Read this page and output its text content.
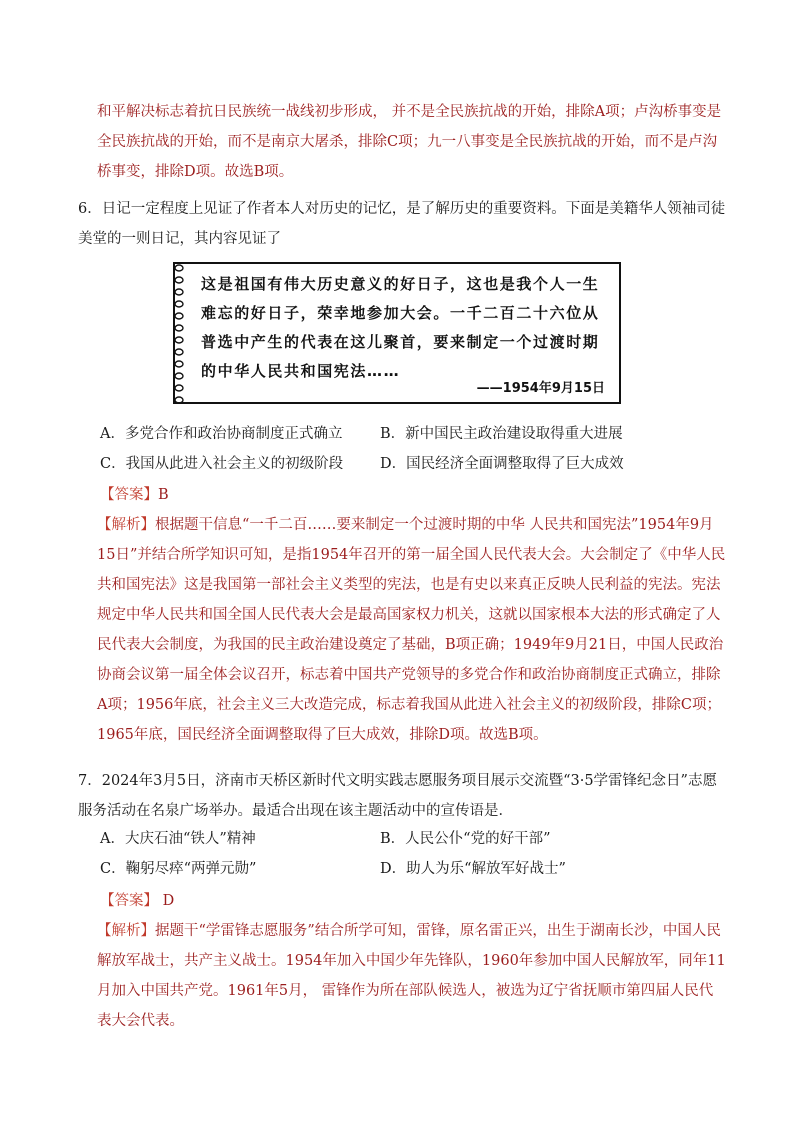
和平解决标志着抗日民族统一战线初步形成， 并不是全民族抗战的开始，排除A项；卢沟桥事变是全民族抗战的开始，而不是南京大屠杀，排除C项；九一八事变是全民族抗战的开始，而不是卢沟桥事变，排除D项。故选B项。
6．日记一定程度上见证了作者本人对历史的记忆，是了解历史的重要资料。下面是美籍华人领袖司徒美堂的一则日记，其内容见证了
这是祖国有伟大历史意义的好日子，这也是我个人一生难忘的好日子，荣幸地参加大会。一千二百二十六位从普选中产生的代表在这儿聚首，要来制定一个过渡时期的中华人民共和国宪法……
——1954年9月15日
A．多党合作和政治协商制度正式确立	B．新中国民主政治建设取得重大进展
C．我国从此进入社会主义的初级阶段	D．国民经济全面调整取得了巨大成效
【答案】B
【解析】根据题干信息“一千二百……要来制定一个过渡时期的中华 人民共和国宪法”1954年9月15日”并结合所学知识可知，是指1954年召开的第一届全国人民代表大会。大会制定了《中华人民共和国宪法》这是我国第一部社会主义类型的宪法，也是有史以来真正反映人民利益的宪法。宪法规定中华人民共和国全国人民代表大会是最高国家权力机关，这就以国家根本大法的形式确定了人民代表大会制度，为我国的民主政治建设奠定了基础，B项正确；1949年9月21日，中国人民政治协商会议第一届全体会议召开，标志着中国共产党领导的多党合作和政治协商制度正式确立，排除A项；1956年底，社会主义三大改造完成，标志着我国从此进入社会主义的初级阶段，排除C项；1965年底，国民经济全面调整取得了巨大成效，排除D项。故选B项。
7．2024年3月5日，济南市天桥区新时代文明实践志愿服务项目展示交流暨“3·5学雷锋纪念日”志愿服务活动在名泉广场举办。最适合出现在该主题活动中的宣传语是．
A．大庆石油“铁人”精神	B．人民公仆“党的好干部”
C．鞠躬尽瘁“两弹元勋”	D．助人为乐“解放军好战士”
【答案】 D
【解析】据题干“学雷锋志愿服务”结合所学可知，雷锋，原名雷正兴，出生于湖南长沙，中国人民解放军战士，共产主义战士。1954年加入中国少年先锋队，1960年参加中国人民解放军，同年11月加入中国共产党。1961年5月， 雷锋作为所在部队候选人，被选为辽宁省抚顺市第四届人民代表大会代表。
